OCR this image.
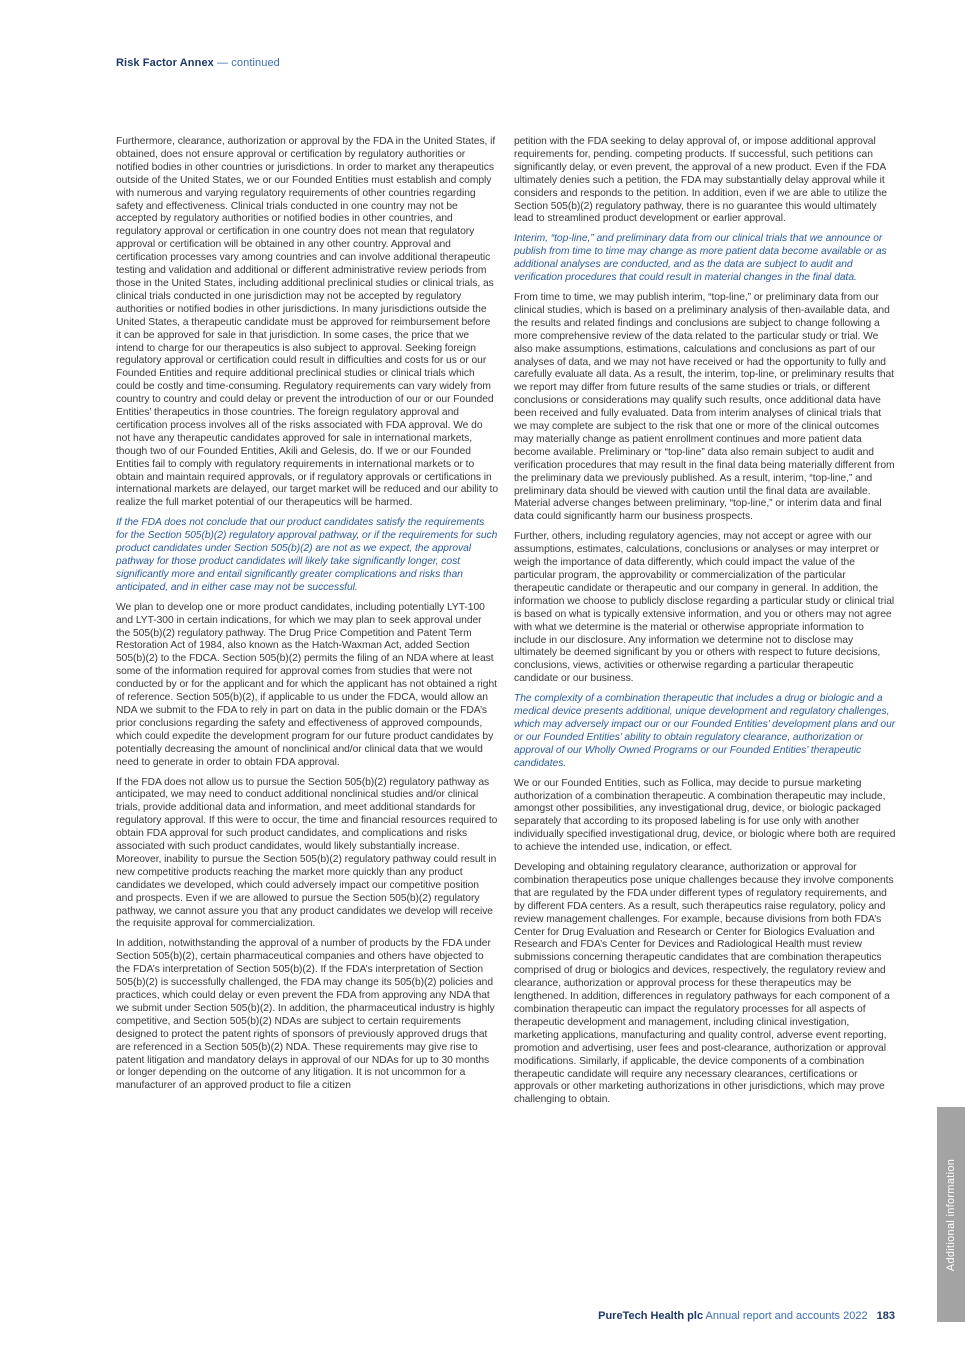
Risk Factor Annex — continued

Furthermore, clearance, authorization or approval by the FDA in the United States, if obtained, does not ensure approval or certification by regulatory authorities or notified bodies in other countries or jurisdictions. In order to market any therapeutics outside of the United States, we or our Founded Entities must establish and comply with numerous and varying regulatory requirements of other countries regarding safety and effectiveness. Clinical trials conducted in one country may not be accepted by regulatory authorities or notified bodies in other countries, and regulatory approval or certification in one country does not mean that regulatory approval or certification will be obtained in any other country. Approval and certification processes vary among countries and can involve additional therapeutic testing and validation and additional or different administrative review periods from those in the United States, including additional preclinical studies or clinical trials, as clinical trials conducted in one jurisdiction may not be accepted by regulatory authorities or notified bodies in other jurisdictions. In many jurisdictions outside the United States, a therapeutic candidate must be approved for reimbursement before it can be approved for sale in that jurisdiction. In some cases, the price that we intend to charge for our therapeutics is also subject to approval. Seeking foreign regulatory approval or certification could result in difficulties and costs for us or our Founded Entities and require additional preclinical studies or clinical trials which could be costly and time-consuming. Regulatory requirements can vary widely from country to country and could delay or prevent the introduction of our or our Founded Entities’ therapeutics in those countries. The foreign regulatory approval and certification process involves all of the risks associated with FDA approval. We do not have any therapeutic candidates approved for sale in international markets, though two of our Founded Entities, Akili and Gelesis, do. If we or our Founded Entities fail to comply with regulatory requirements in international markets or to obtain and maintain required approvals, or if regulatory approvals or certifications in international markets are delayed, our target market will be reduced and our ability to realize the full market potential of our therapeutics will be harmed.

If the FDA does not conclude that our product candidates satisfy the requirements for the Section 505(b)(2) regulatory approval pathway, or if the requirements for such product candidates under Section 505(b)(2) are not as we expect, the approval pathway for those product candidates will likely take significantly longer, cost significantly more and entail significantly greater complications and risks than anticipated, and in either case may not be successful.

We plan to develop one or more product candidates, including potentially LYT-100 and LYT-300 in certain indications, for which we may plan to seek approval under the 505(b)(2) regulatory pathway. The Drug Price Competition and Patent Term Restoration Act of 1984, also known as the Hatch-Waxman Act, added Section 505(b)(2) to the FDCA. Section 505(b)(2) permits the filing of an NDA where at least some of the information required for approval comes from studies that were not conducted by or for the applicant and for which the applicant has not obtained a right of reference. Section 505(b)(2), if applicable to us under the FDCA, would allow an NDA we submit to the FDA to rely in part on data in the public domain or the FDA’s prior conclusions regarding the safety and effectiveness of approved compounds, which could expedite the development program for our future product candidates by potentially decreasing the amount of nonclinical and/or clinical data that we would need to generate in order to obtain FDA approval.

If the FDA does not allow us to pursue the Section 505(b)(2) regulatory pathway as anticipated, we may need to conduct additional nonclinical studies and/or clinical trials, provide additional data and information, and meet additional standards for regulatory approval. If this were to occur, the time and financial resources required to obtain FDA approval for such product candidates, and complications and risks associated with such product candidates, would likely substantially increase. Moreover, inability to pursue the Section 505(b)(2) regulatory pathway could result in new competitive products reaching the market more quickly than any product candidates we developed, which could adversely impact our competitive position and prospects. Even if we are allowed to pursue the Section 505(b)(2) regulatory pathway, we cannot assure you that any product candidates we develop will receive the requisite approval for commercialization.

In addition, notwithstanding the approval of a number of products by the FDA under Section 505(b)(2), certain pharmaceutical companies and others have objected to the FDA’s interpretation of Section 505(b)(2). If the FDA’s interpretation of Section 505(b)(2) is successfully challenged, the FDA may change its 505(b)(2) policies and practices, which could delay or even prevent the FDA from approving any NDA that we submit under Section 505(b)(2). In addition, the pharmaceutical industry is highly competitive, and Section 505(b)(2) NDAs are subject to certain requirements designed to protect the patent rights of sponsors of previously approved drugs that are referenced in a Section 505(b)(2) NDA. These requirements may give rise to patent litigation and mandatory delays in approval of our NDAs for up to 30 months or longer depending on the outcome of any litigation. It is not uncommon for a manufacturer of an approved product to file a citizen

petition with the FDA seeking to delay approval of, or impose additional approval requirements for, pending. competing products. If successful, such petitions can significantly delay, or even prevent, the approval of a new product. Even if the FDA ultimately denies such a petition, the FDA may substantially delay approval while it considers and responds to the petition. In addition, even if we are able to utilize the Section 505(b)(2) regulatory pathway, there is no guarantee this would ultimately lead to streamlined product development or earlier approval.

Interim, “top-line,” and preliminary data from our clinical trials that we announce or publish from time to time may change as more patient data become available or as additional analyses are conducted, and as the data are subject to audit and verification procedures that could result in material changes in the final data.

From time to time, we may publish interim, “top-line,” or preliminary data from our clinical studies, which is based on a preliminary analysis of then-available data, and the results and related findings and conclusions are subject to change following a more comprehensive review of the data related to the particular study or trial. We also make assumptions, estimations, calculations and conclusions as part of our analyses of data, and we may not have received or had the opportunity to fully and carefully evaluate all data. As a result, the interim, top-line, or preliminary results that we report may differ from future results of the same studies or trials, or different conclusions or considerations may qualify such results, once additional data have been received and fully evaluated. Data from interim analyses of clinical trials that we may complete are subject to the risk that one or more of the clinical outcomes may materially change as patient enrollment continues and more patient data become available. Preliminary or “top-line” data also remain subject to audit and verification procedures that may result in the final data being materially different from the preliminary data we previously published. As a result, interim, “top-line,” and preliminary data should be viewed with caution until the final data are available. Material adverse changes between preliminary, “top-line,” or interim data and final data could significantly harm our business prospects.

Further, others, including regulatory agencies, may not accept or agree with our assumptions, estimates, calculations, conclusions or analyses or may interpret or weigh the importance of data differently, which could impact the value of the particular program, the approvability or commercialization of the particular therapeutic candidate or therapeutic and our company in general. In addition, the information we choose to publicly disclose regarding a particular study or clinical trial is based on what is typically extensive information, and you or others may not agree with what we determine is the material or otherwise appropriate information to include in our disclosure. Any information we determine not to disclose may ultimately be deemed significant by you or others with respect to future decisions, conclusions, views, activities or otherwise regarding a particular therapeutic candidate or our business.

The complexity of a combination therapeutic that includes a drug or biologic and a medical device presents additional, unique development and regulatory challenges, which may adversely impact our or our Founded Entities’ development plans and our or our Founded Entities’ ability to obtain regulatory clearance, authorization or approval of our Wholly Owned Programs or our Founded Entities’ therapeutic candidates.

We or our Founded Entities, such as Follica, may decide to pursue marketing authorization of a combination therapeutic. A combination therapeutic may include, amongst other possibilities, any investigational drug, device, or biologic packaged separately that according to its proposed labeling is for use only with another individually specified investigational drug, device, or biologic where both are required to achieve the intended use, indication, or effect.

Developing and obtaining regulatory clearance, authorization or approval for combination therapeutics pose unique challenges because they involve components that are regulated by the FDA under different types of regulatory requirements, and by different FDA centers. As a result, such therapeutics raise regulatory, policy and review management challenges. For example, because divisions from both FDA’s Center for Drug Evaluation and Research or Center for Biologics Evaluation and Research and FDA’s Center for Devices and Radiological Health must review submissions concerning therapeutic candidates that are combination therapeutics comprised of drug or biologics and devices, respectively, the regulatory review and clearance, authorization or approval process for these therapeutics may be lengthened. In addition, differences in regulatory pathways for each component of a combination therapeutic can impact the regulatory processes for all aspects of therapeutic development and management, including clinical investigation, marketing applications, manufacturing and quality control, adverse event reporting, promotion and advertising, user fees and post-clearance, authorization or approval modifications. Similarly, if applicable, the device components of a combination therapeutic candidate will require any necessary clearances, certifications or approvals or other marketing authorizations in other jurisdictions, which may prove challenging to obtain.

Additional information
PureTech Health plc Annual report and accounts 2022 183
